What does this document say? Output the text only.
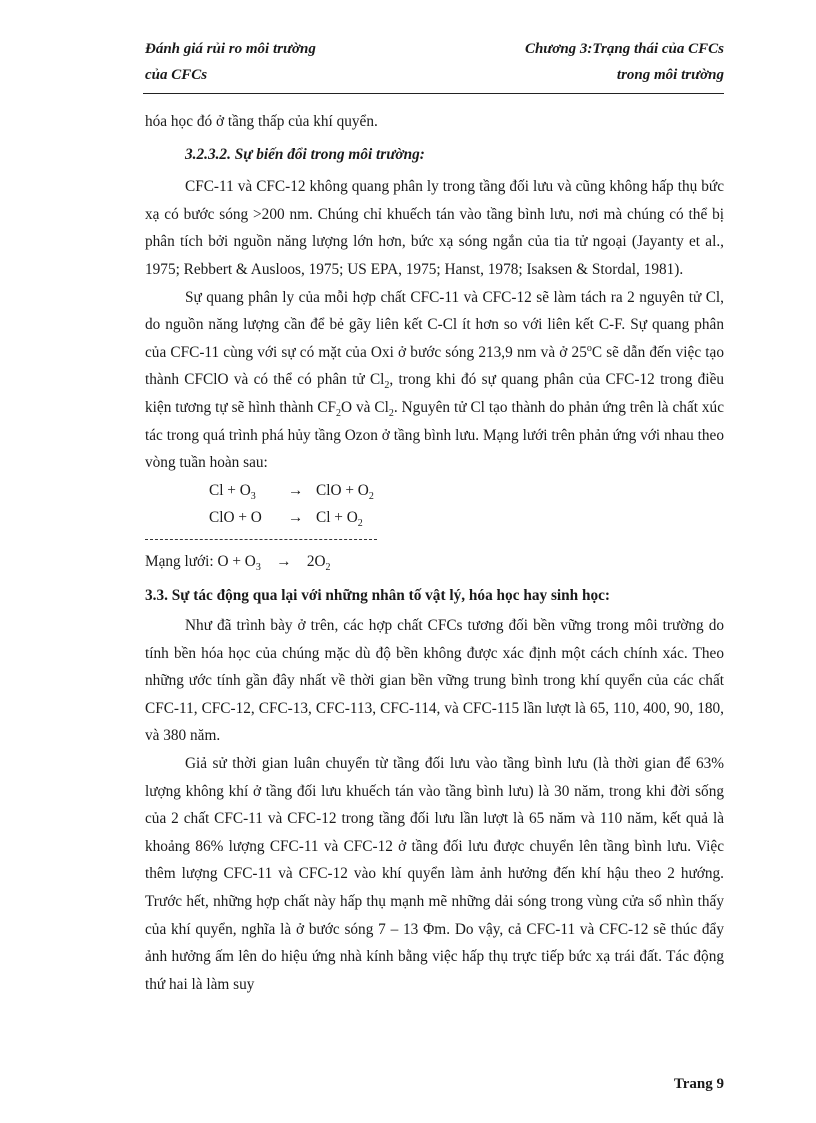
Đánh giá rủi ro môi trường
của CFCs
Chương 3:Trạng thái của CFCs
trong môi trường

hóa học đó ở tầng thấp của khí quyển.

3.2.3.2. Sự biến đổi trong môi trường:

CFC-11 và CFC-12 không quang phân ly trong tầng đối lưu và cũng không hấp thụ bức xạ có bước sóng >200 nm. Chúng chỉ khuếch tán vào tầng bình lưu, nơi mà chúng có thể bị phân tích bởi nguồn năng lượng lớn hơn, bức xạ sóng ngắn của tia tử ngoại (Jayanty et al., 1975; Rebbert & Ausloos, 1975; US EPA, 1975; Hanst, 1978; Isaksen & Stordal, 1981).

Sự quang phân ly của mỗi hợp chất CFC-11 và CFC-12 sẽ làm tách ra 2 nguyên tử Cl, do nguồn năng lượng cần để bẻ gãy liên kết C-Cl ít hơn so với liên kết C-F. Sự quang phân của CFC-11 cùng với sự có mặt của Oxi ở bước sóng 213,9 nm và ở 25$^o$C sẽ dẫn đến việc tạo thành CFClO và có thể có phân tử $Cl_2$, trong khi đó sự quang phân của CFC-12 trong điều kiện tương tự sẽ hình thành $CF_2O$ và $Cl_2$. Nguyên tử Cl tạo thành do phản ứng trên là chất xúc tác trong quá trình phá hủy tầng Ozon ở tầng bình lưu. Mạng lưới trên phản ứng với nhau theo vòng tuần hoàn sau:

$Cl + O_3$ → ClO + $O_2$

ClO + $O \to Cl + O_2$

Mạng lưới: $O + O_3 \to 2O_2$

3.3. Sự tác động qua lại với những nhân tố vật lý, hóa học hay sinh học:

Như đã trình bày ở trên, các hợp chất CFCs tương đối bền vững trong môi trường do tính bền hóa học của chúng mặc dù độ bền không được xác định một cách chính xác. Theo những ước tính gần đây nhất về thời gian bền vững trung bình trong khí quyển của các chất CFC-11, CFC-12, CFC-13, CFC-113, CFC-114, và CFC-115 lần lượt là 65, 110, 400, 90, 180, và 380 năm.

Giả sử thời gian luân chuyển từ tầng đối lưu vào tầng bình lưu (là thời gian để 63% lượng không khí ở tầng đối lưu khuếch tán vào tầng bình lưu) là 30 năm, trong khi đời sống của 2 chất CFC-11 và CFC-12 trong tầng đối lưu lần lượt là 65 năm và 110 năm, kết quả là khoảng 86% lượng CFC-11 và CFC-12 ở tầng đối lưu được chuyển lên tầng bình lưu. Việc thêm lượng CFC-11 và CFC-12 vào khí quyển làm ảnh hưởng đến khí hậu theo 2 hướng. Trước hết, những hợp chất này hấp thụ mạnh mẽ những dải sóng trong vùng cửa sổ nhìn thấy của khí quyển, nghĩa là ở bước sóng 7 – 13 Φm. Do vậy, cả CFC-11 và CFC-12 sẽ thúc đẩy ảnh hưởng ấm lên do hiệu ứng nhà kính bằng việc hấp thụ trực tiếp bức xạ trái đất. Tác động thứ hai là làm suy

Trang 9
